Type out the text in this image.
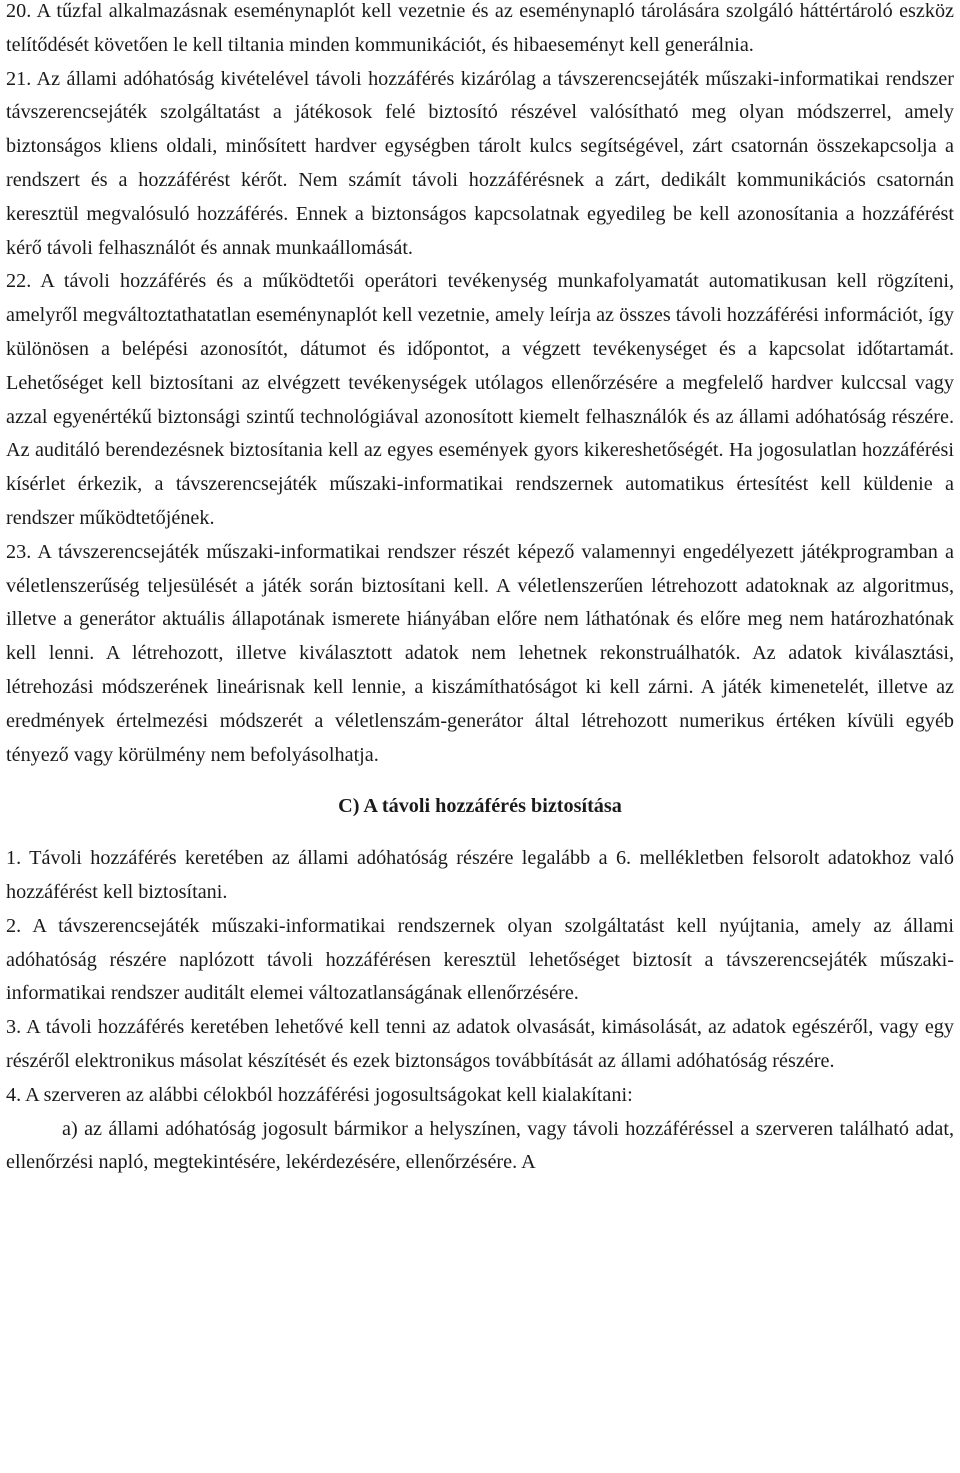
20. A tűzfal alkalmazásnak eseménynaplót kell vezetnie és az eseménynapló tárolására szolgáló háttértároló eszköz telítődését követően le kell tiltania minden kommunikációt, és hibaeseményt kell generálnia.

21. Az állami adóhatóság kivételével távoli hozzáférés kizárólag a távszerencsejáték műszaki-informatikai rendszer távszerencsejáték szolgáltatást a játékosok felé biztosító részével valósítható meg olyan módszerrel, amely biztonságos kliens oldali, minősített hardver egységben tárolt kulcs segítségével, zárt csatornán összekapcsolja a rendszert és a hozzáférést kérőt. Nem számít távoli hozzáférésnek a zárt, dedikált kommunikációs csatornán keresztül megvalósuló hozzáférés. Ennek a biztonságos kapcsolatnak egyedileg be kell azonosítania a hozzáférést kérő távoli felhasználót és annak munkaállomását.

22. A távoli hozzáférés és a működtetői operátori tevékenység munkafolyamatát automatikusan kell rögzíteni, amelyről megváltoztathatatlan eseménynaplót kell vezetnie, amely leírja az összes távoli hozzáférési információt, így különösen a belépési azonosítót, dátumot és időpontot, a végzett tevékenységet és a kapcsolat időtartamát. Lehetőséget kell biztosítani az elvégzett tevékenységek utólagos ellenőrzésére a megfelelő hardver kulccsal vagy azzal egyenértékű biztonsági szintű technológiával azonosított kiemelt felhasználók és az állami adóhatóság részére. Az auditáló berendezésnek biztosítania kell az egyes események gyors kikereshetőségét. Ha jogosulatlan hozzáférési kísérlet érkezik, a távszerencsejáték műszaki-informatikai rendszernek automatikus értesítést kell küldenie a rendszer működtetőjének.

23. A távszerencsejáték műszaki-informatikai rendszer részét képező valamennyi engedélyezett játékprogramban a véletlenszerűség teljesülését a játék során biztosítani kell. A véletlenszerűen létrehozott adatoknak az algoritmus, illetve a generátor aktuális állapotának ismerete hiányában előre nem láthatónak és előre meg nem határozhatónak kell lenni. A létrehozott, illetve kiválasztott adatok nem lehetnek rekonstruálhatók. Az adatok kiválasztási, létrehozási módszerének lineárisnak kell lennie, a kiszámíthatóságot ki kell zárni. A játék kimenetelét, illetve az eredmények értelmezési módszerét a véletlenszám-generátor által létrehozott numerikus értéken kívüli egyéb tényező vagy körülmény nem befolyásolhatja.

C) A távoli hozzáférés biztosítása

1. Távoli hozzáférés keretében az állami adóhatóság részére legalább a 6. mellékletben felsorolt adatokhoz való hozzáférést kell biztosítani.

2. A távszerencsejáték műszaki-informatikai rendszernek olyan szolgáltatást kell nyújtania, amely az állami adóhatóság részére naplózott távoli hozzáférésen keresztül lehetőséget biztosít a távszerencsejáték műszaki-informatikai rendszer auditált elemei változatlanságának ellenőrzésére.

3. A távoli hozzáférés keretében lehetővé kell tenni az adatok olvasását, kimásolását, az adatok egészéről, vagy egy részéről elektronikus másolat készítését és ezek biztonságos továbbítását az állami adóhatóság részére.

4. A szerveren az alábbi célokból hozzáférési jogosultságokat kell kialakítani:

a) az állami adóhatóság jogosult bármikor a helyszínen, vagy távoli hozzáféréssel a szerveren található adat, ellenőrzési napló, megtekintésére, lekérdezésére, ellenőrzésére. A
